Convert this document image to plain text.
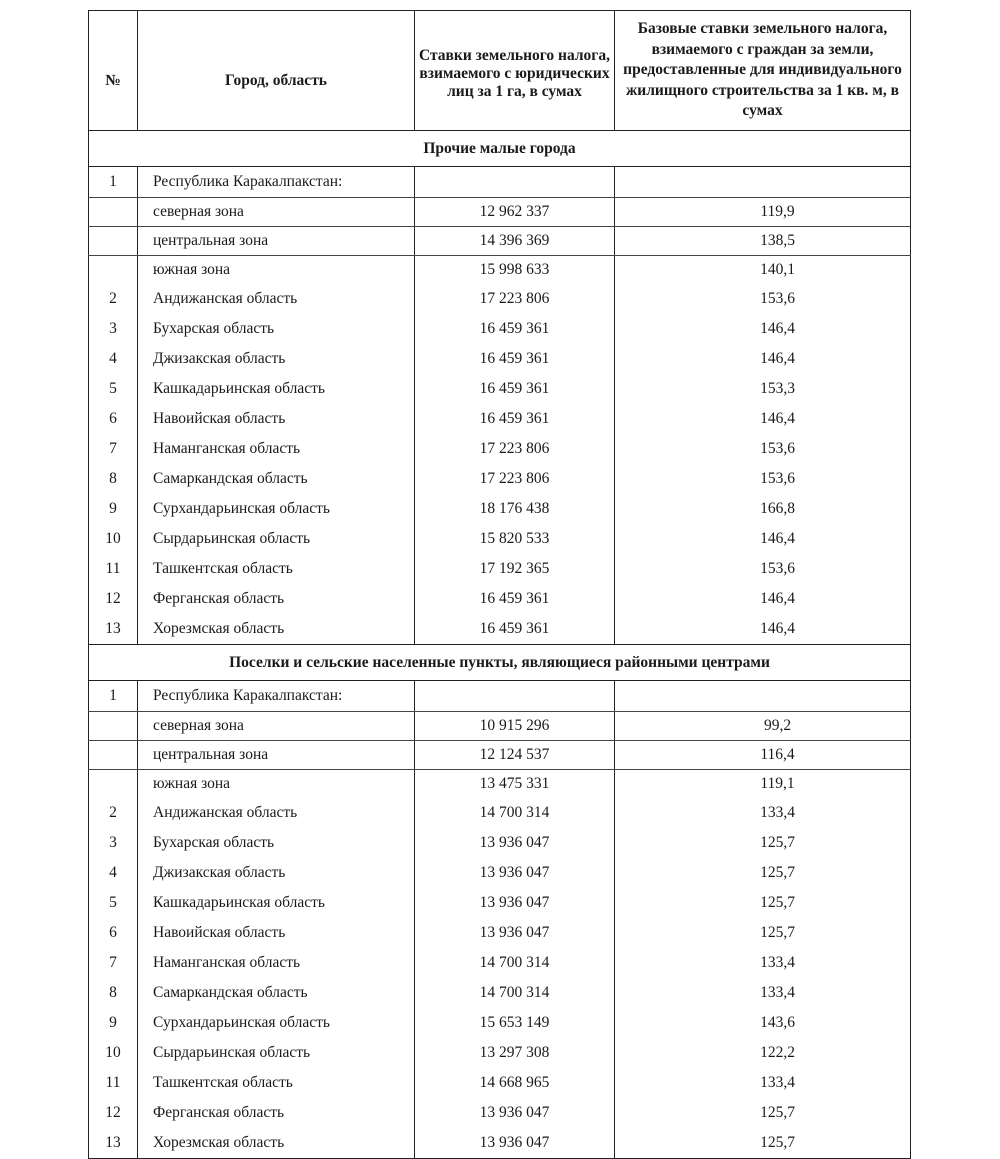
№	Город, область	Ставки земельного налога, взимаемого с юридических лиц за 1 га, в сумах	Базовые ставки земельного налога, взимаемого с граждан за земли, предоставленные для индивидуального жилищного строительства за 1 кв. м, в сумах
Прочие малые города			
1	Республика Каракалпакстан:		
	северная зона	12 962 337	119,9
	центральная зона	14 396 369	138,5
	южная зона	15 998 633	140,1
2	Андижанская область	17 223 806	153,6
3	Бухарская область	16 459 361	146,4
4	Джизакская область	16 459 361	146,4
5	Кашкадарьинская область	16 459 361	153,3
6	Навоийская область	16 459 361	146,4
7	Наманганская область	17 223 806	153,6
8	Самаркандская область	17 223 806	153,6
9	Сурхандарьинская область	18 176 438	166,8
10	Сырдарьинская область	15 820 533	146,4
11	Ташкентская область	17 192 365	153,6
12	Ферганская область	16 459 361	146,4
13	Хорезмская область	16 459 361	146,4
Поселки и сельские населенные пункты, являющиеся районными центрами			
1	Республика Каракалпакстан:		
	северная зона	10 915 296	99,2
	центральная зона	12 124 537	116,4
	южная зона	13 475 331	119,1
2	Андижанская область	14 700 314	133,4
3	Бухарская область	13 936 047	125,7
4	Джизакская область	13 936 047	125,7
5	Кашкадарьинская область	13 936 047	125,7
6	Навоийская область	13 936 047	125,7
7	Наманганская область	14 700 314	133,4
8	Самаркандская область	14 700 314	133,4
9	Сурхандарьинская область	15 653 149	143,6
10	Сырдарьинская область	13 297 308	122,2
11	Ташкентская область	14 668 965	133,4
12	Ферганская область	13 936 047	125,7
13	Хорезмская область	13 936 047	125,7
